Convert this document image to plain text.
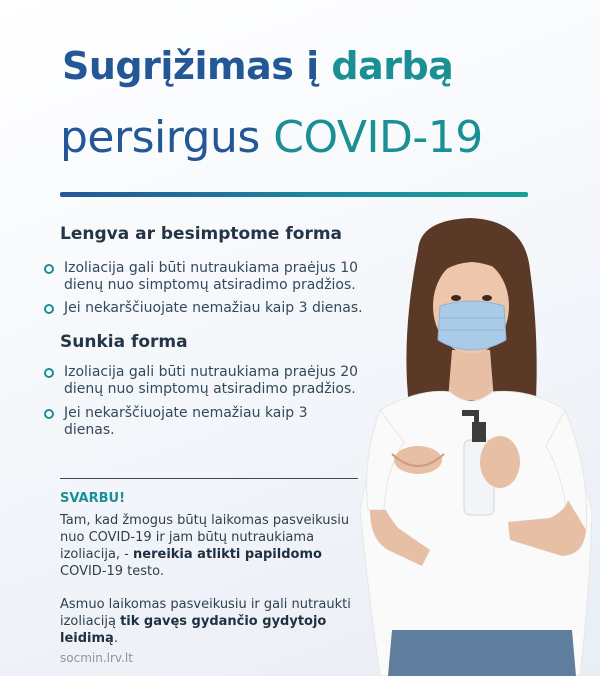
Sugrįžimas į darbą
persirgus COVID-19
Lengva ar besimptome forma
Izoliacija gali būti nutraukiama praėjus 10 dienų nuo simptomų atsiradimo pradžios.
Jei nekarščiuojate nemažiau kaip 3 dienas.
Sunkia forma
Izoliacija gali būti nutraukiama praėjus 20 dienų nuo simptomų atsiradimo pradžios.
Jei nekarščiuojate nemažiau kaip 3 dienas.
SVARBU!
Tam, kad žmogus būtų laikomas pasveikusiu nuo COVID-19 ir jam būtų nutraukiama izoliacija, - nereikia atlikti papildomo COVID-19 testo.
Asmuo laikomas pasveikusiu ir gali nutraukti izoliaciją tik gavęs gydančio gydytojo leidimą.
socmin.lrv.lt
